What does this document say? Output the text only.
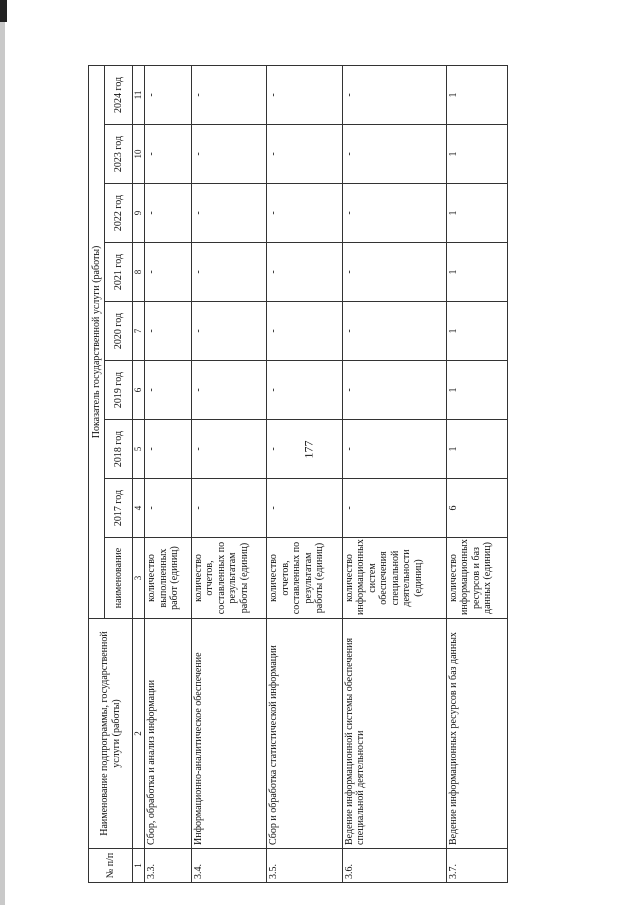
177
№ п/п	Наименование подпрограммы, государственной услуги (работы)	Показатель государственной услуги (работы)								
		наименование	2017 год	2018 год	2019 год	2020 год	2021 год	2022 год	2023 год	2024 год
1	2	3	4	5	6	7	8	9	10	11
3.3.	Сбор, обработка и анализ информации	количество выполненных работ (единиц)	-	-	-	-	-	-	-	-
3.4.	Информационно-аналитическое обеспечение	количество отчетов, составленных по результатам работы (единиц)	-	-	-	-	-	-	-	-
3.5.	Сбор и обработка статистической информации	количество отчетов, составленных по результатам работы (единиц)	-	-	-	-	-	-	-	-
3.6.	Ведение информационной системы обеспечения специальной деятельности	количество информационных систем обеспечения специальной деятельности (единиц)	-	-	-	-	-	-	-	-
3.7.	Ведение информационных ресурсов и баз данных	количество информационных ресурсов и баз данных (единиц)	6	1	1	1	1	1	1	1
